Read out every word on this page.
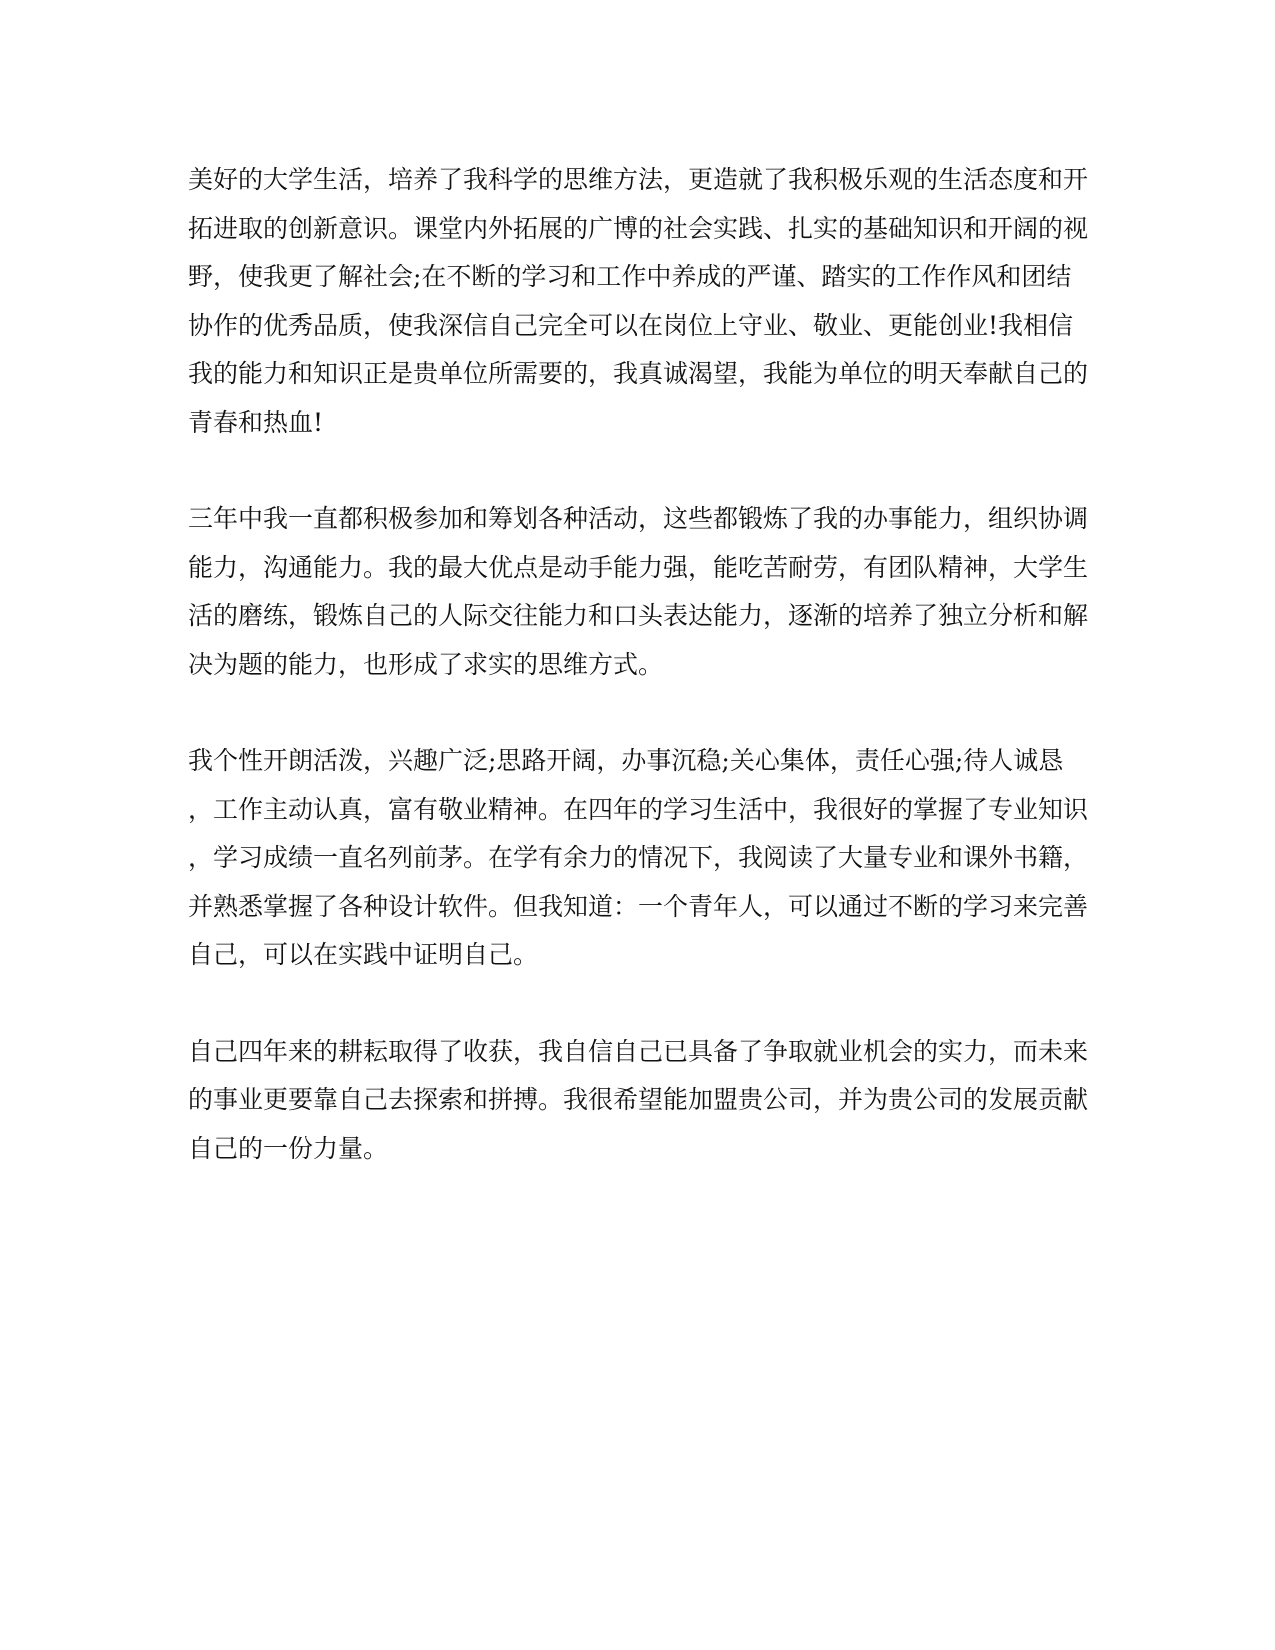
美好的大学生活，培养了我科学的思维方法，更造就了我积极乐观的生活态度和开
拓进取的创新意识。课堂内外拓展的广博的社会实践、扎实的基础知识和开阔的视
野，使我更了解社会;在不断的学习和工作中养成的严谨、踏实的工作作风和团结
协作的优秀品质，使我深信自己完全可以在岗位上守业、敬业、更能创业!我相信
我的能力和知识正是贵单位所需要的，我真诚渴望，我能为单位的明天奉献自己的
青春和热血!
三年中我一直都积极参加和筹划各种活动，这些都锻炼了我的办事能力，组织协调
能力，沟通能力。我的最大优点是动手能力强，能吃苦耐劳，有团队精神，大学生
活的磨练，锻炼自己的人际交往能力和口头表达能力，逐渐的培养了独立分析和解
决为题的能力，也形成了求实的思维方式。
我个性开朗活泼，兴趣广泛;思路开阔，办事沉稳;关心集体，责任心强;待人诚恳
，工作主动认真，富有敬业精神。在四年的学习生活中，我很好的掌握了专业知识
，学习成绩一直名列前茅。在学有余力的情况下，我阅读了大量专业和课外书籍，
并熟悉掌握了各种设计软件。但我知道：一个青年人，可以通过不断的学习来完善
自己，可以在实践中证明自己。
自己四年来的耕耘取得了收获，我自信自己已具备了争取就业机会的实力，而未来
的事业更要靠自己去探索和拼搏。我很希望能加盟贵公司，并为贵公司的发展贡献
自己的一份力量。
